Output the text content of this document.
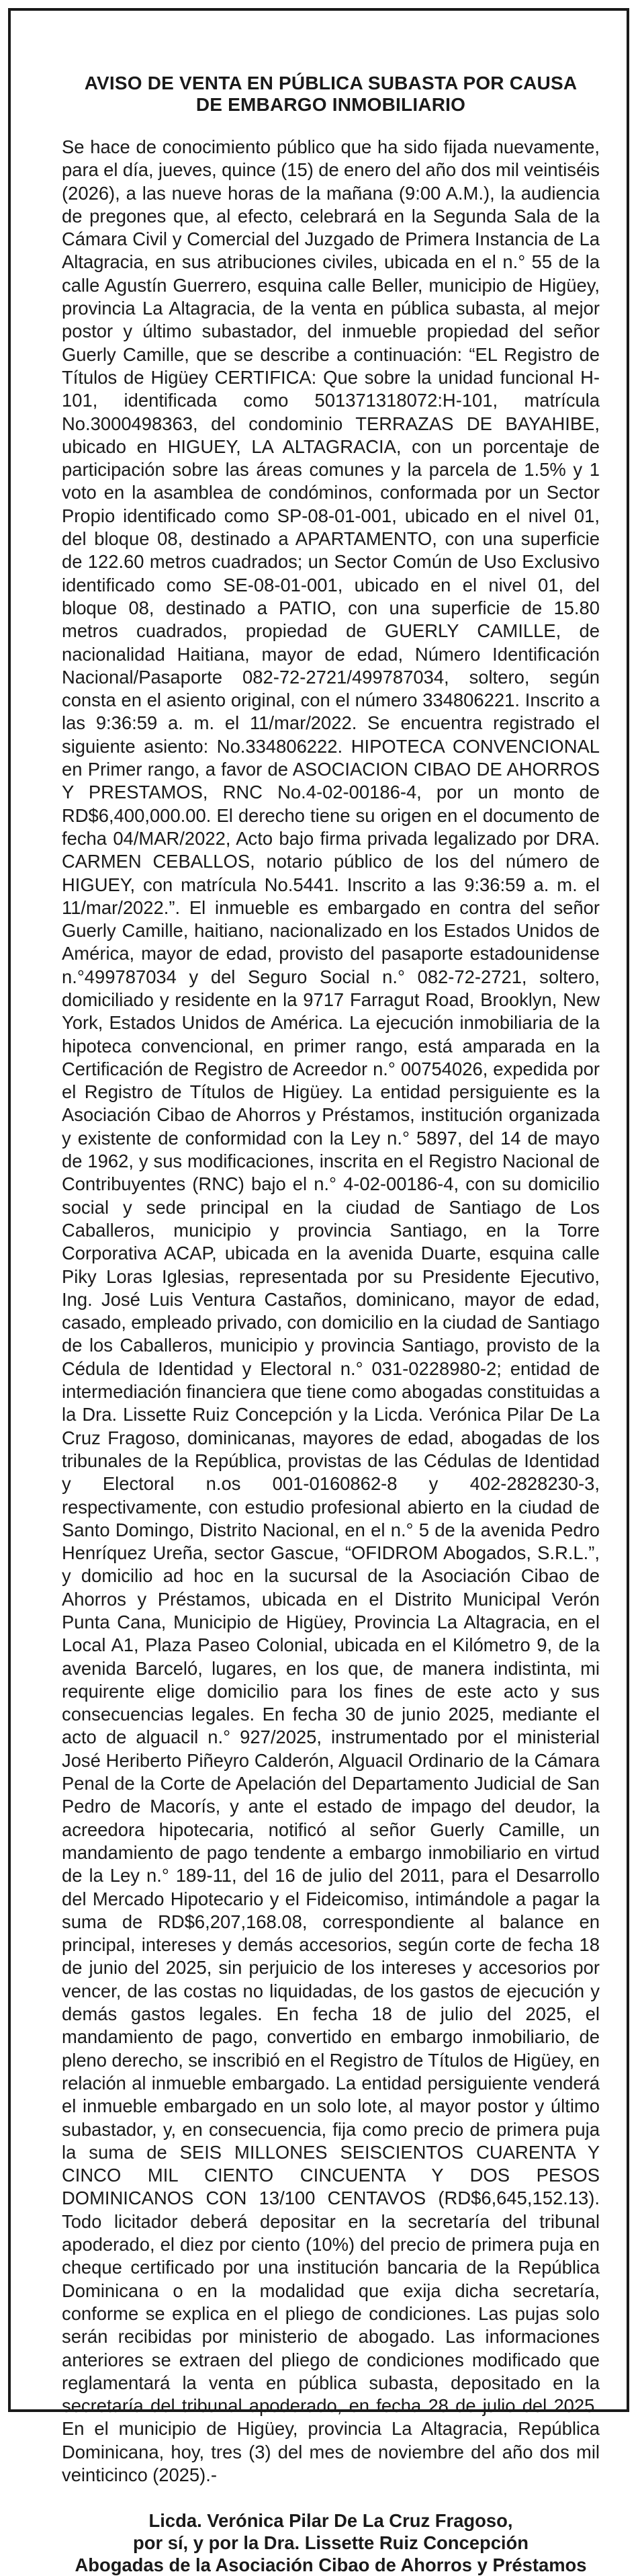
AVISO DE VENTA EN PÚBLICA SUBASTA POR CAUSA
DE EMBARGO INMOBILIARIO

Se hace de conocimiento público que ha sido fijada nuevamente, para el día, jueves, quince (15) de enero del año dos mil veintiséis (2026), a las nueve horas de la mañana (9:00 A.M.), la audiencia de pregones que, al efecto, celebrará en la Segunda Sala de la Cámara Civil y Comercial del Juzgado de Primera Instancia de La Altagracia, en sus atribuciones civiles, ubicada en el n.° 55 de la calle Agustín Guerrero, esquina calle Beller, municipio de Higüey, provincia La Altagracia, de la venta en pública subasta, al mejor postor y último subastador, del inmueble propiedad del señor Guerly Camille, que se describe a continuación: “EL Registro de Títulos de Higüey CERTIFICA: Que sobre la unidad funcional H-101, identificada como 501371318072:H-101, matrícula No.3000498363, del condominio TERRAZAS DE BAYAHIBE, ubicado en HIGUEY, LA ALTAGRACIA, con un porcentaje de participación sobre las áreas comunes y la parcela de 1.5% y 1 voto en la asamblea de condóminos, conformada por un Sector Propio identificado como SP-08-01-001, ubicado en el nivel 01, del bloque 08, destinado a APARTAMENTO, con una superficie de 122.60 metros cuadrados; un Sector Común de Uso Exclusivo identificado como SE-08-01-001, ubicado en el nivel 01, del bloque 08, destinado a PATIO, con una superficie de 15.80 metros cuadrados, propiedad de GUERLY CAMILLE, de nacionalidad Haitiana, mayor de edad, Número Identificación Nacional/Pasaporte 082-72-2721/499787034, soltero, según consta en el asiento original, con el número 334806221. Inscrito a las 9:36:59 a. m. el 11/mar/2022. Se encuentra registrado el siguiente asiento: No.334806222. HIPOTECA CONVENCIONAL en Primer rango, a favor de ASOCIACION CIBAO DE AHORROS Y PRESTAMOS, RNC No.4-02-00186-4, por un monto de RD$6,400,000.00. El derecho tiene su origen en el documento de fecha 04/MAR/2022, Acto bajo firma privada legalizado por DRA. CARMEN CEBALLOS, notario público de los del número de HIGUEY, con matrícula No.5441. Inscrito a las 9:36:59 a. m. el 11/mar/2022.”. El inmueble es embargado en contra del señor Guerly Camille, haitiano, nacionalizado en los Estados Unidos de América, mayor de edad, provisto del pasaporte estadounidense n.°499787034 y del Seguro Social n.° 082-72-2721, soltero, domiciliado y residente en la 9717 Farragut Road, Brooklyn, New York, Estados Unidos de América. La ejecución inmobiliaria de la hipoteca convencional, en primer rango, está amparada en la Certificación de Registro de Acreedor n.° 00754026, expedida por el Registro de Títulos de Higüey. La entidad persiguiente es la Asociación Cibao de Ahorros y Préstamos, institución organizada y existente de conformidad con la Ley n.° 5897, del 14 de mayo de 1962, y sus modificaciones, inscrita en el Registro Nacional de Contribuyentes (RNC) bajo el n.° 4-02-00186-4, con su domicilio social y sede principal en la ciudad de Santiago de Los Caballeros, municipio y provincia Santiago, en la Torre Corporativa ACAP, ubicada en la avenida Duarte, esquina calle Piky Loras Iglesias, representada por su Presidente Ejecutivo, Ing. José Luis Ventura Castaños, dominicano, mayor de edad, casado, empleado privado, con domicilio en la ciudad de Santiago de los Caballeros, municipio y provincia Santiago, provisto de la Cédula de Identidad y Electoral n.° 031-0228980-2; entidad de intermediación financiera que tiene como abogadas constituidas a la Dra. Lissette Ruiz Concepción y la Licda. Verónica Pilar De La Cruz Fragoso, dominicanas, mayores de edad, abogadas de los tribunales de la República, provistas de las Cédulas de Identidad y Electoral n.os 001-0160862-8 y 402-2828230-3, respectivamente, con estudio profesional abierto en la ciudad de Santo Domingo, Distrito Nacional, en el n.° 5 de la avenida Pedro Henríquez Ureña, sector Gascue, “OFIDROM Abogados, S.R.L.”, y domicilio ad hoc en la sucursal de la Asociación Cibao de Ahorros y Préstamos, ubicada en el Distrito Municipal Verón Punta Cana, Municipio de Higüey, Provincia La Altagracia, en el Local A1, Plaza Paseo Colonial, ubicada en el Kilómetro 9, de la avenida Barceló, lugares, en los que, de manera indistinta, mi requirente elige domicilio para los fines de este acto y sus consecuencias legales. En fecha 30 de junio 2025, mediante el acto de alguacil n.° 927/2025, instrumentado por el ministerial José Heriberto Piñeyro Calderón, Alguacil Ordinario de la Cámara Penal de la Corte de Apelación del Departamento Judicial de San Pedro de Macorís, y ante el estado de impago del deudor, la acreedora hipotecaria, notificó al señor Guerly Camille, un mandamiento de pago tendente a embargo inmobiliario en virtud de la Ley n.° 189-11, del 16 de julio del 2011, para el Desarrollo del Mercado Hipotecario y el Fideicomiso, intimándole a pagar la suma de RD$6,207,168.08, correspondiente al balance en principal, intereses y demás accesorios, según corte de fecha 18 de junio del 2025, sin perjuicio de los intereses y accesorios por vencer, de las costas no liquidadas, de los gastos de ejecución y demás gastos legales. En fecha 18 de julio del 2025, el mandamiento de pago, convertido en embargo inmobiliario, de pleno derecho, se inscribió en el Registro de Títulos de Higüey, en relación al inmueble embargado. La entidad persiguiente venderá el inmueble embargado en un solo lote, al mayor postor y último subastador, y, en consecuencia, fija como precio de primera puja la suma de SEIS MILLONES SEISCIENTOS CUARENTA Y CINCO MIL CIENTO CINCUENTA Y DOS PESOS DOMINICANOS CON 13/100 CENTAVOS (RD$6,645,152.13). Todo licitador deberá depositar en la secretaría del tribunal apoderado, el diez por ciento (10%) del precio de primera puja en cheque certificado por una institución bancaria de la República Dominicana o en la modalidad que exija dicha secretaría, conforme se explica en el pliego de condiciones. Las pujas solo serán recibidas por ministerio de abogado. Las informaciones anteriores se extraen del pliego de condiciones modificado que reglamentará la venta en pública subasta, depositado en la secretaría del tribunal apoderado, en fecha 28 de julio del 2025. En el municipio de Higüey, provincia La Altagracia, República Dominicana, hoy, tres (3) del mes de noviembre del año dos mil veinticinco (2025).-

Licda. Verónica Pilar De La Cruz Fragoso,
por sí, y por la Dra. Lissette Ruiz Concepción
Abogadas de la Asociación Cibao de Ahorros y Préstamos
